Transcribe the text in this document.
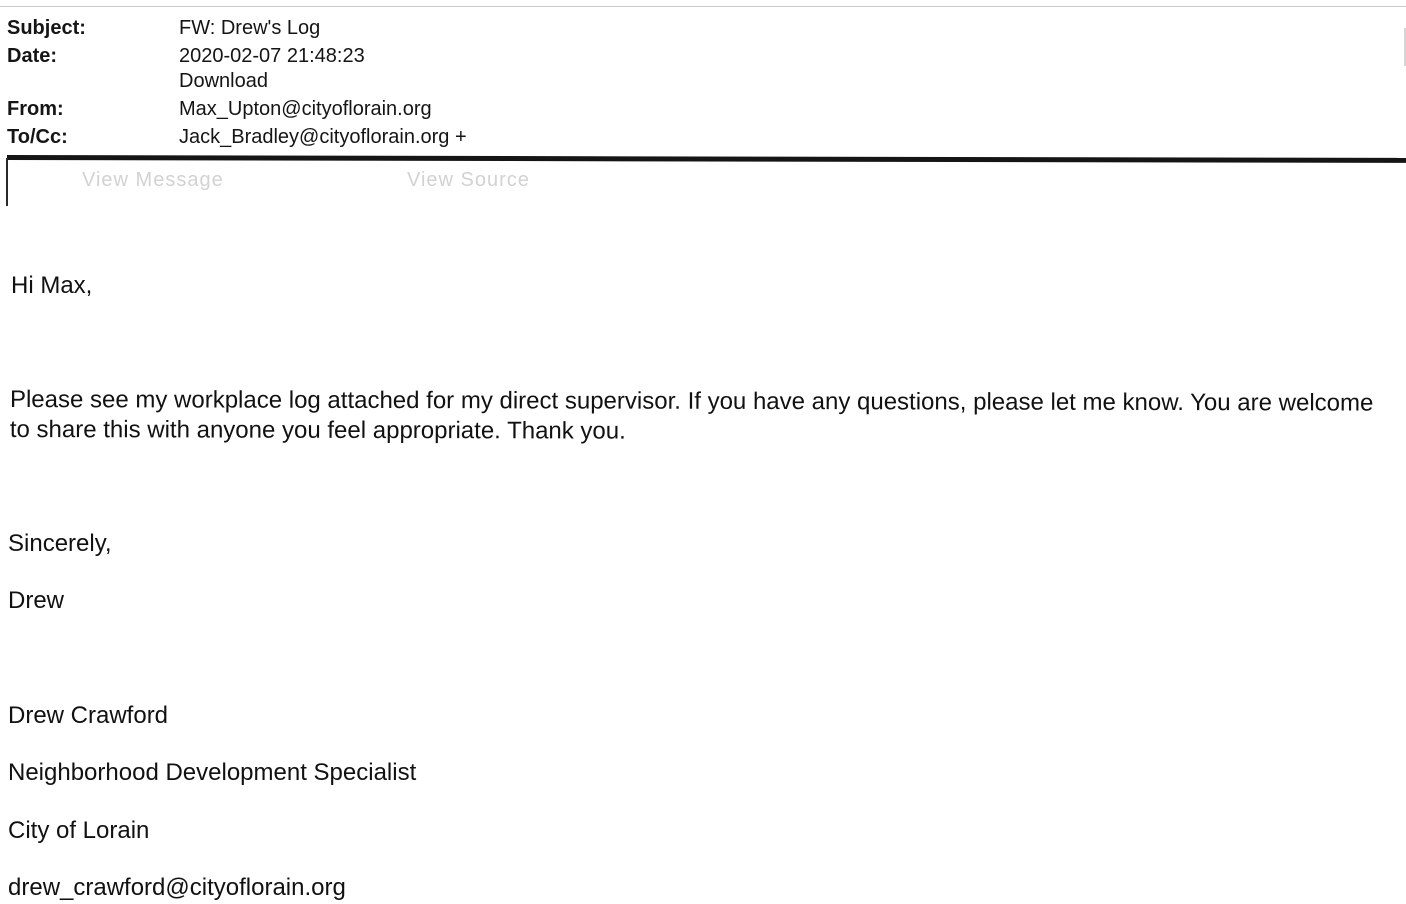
Subject:	FW: Drew's Log
Date:	2020-02-07 21:48:23
Download
From:	Max_Upton@cityoflorain.org
To/Cc:	Jack_Bradley@cityoflorain.org +
View Message	View Source
Hi Max,
Please see my workplace log attached for my direct supervisor. If you have any questions, please let me know. You are welcome to share this with anyone you feel appropriate. Thank you.
Sincerely,
Drew
Drew Crawford
Neighborhood Development Specialist
City of Lorain
drew_crawford@cityoflorain.org
